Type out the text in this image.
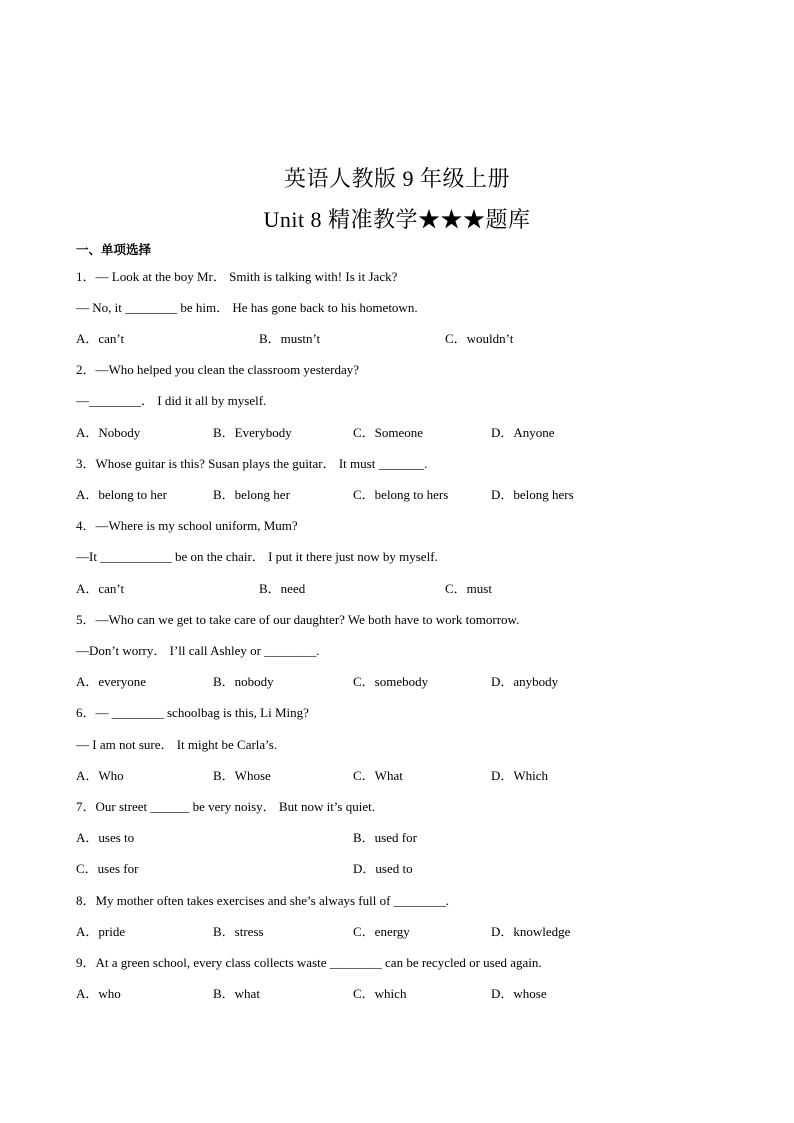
英语人教版 9 年级上册
Unit 8 精准教学★★★题库
一、单项选择
1．— Look at the boy Mr． Smith is talking with! Is it Jack?
— No, it ________ be him． He has gone back to his hometown.
A．can’t	B．mustn’t	C．wouldn’t
2．—Who helped you clean the classroom yesterday?
—________． I did it all by myself.
A．Nobody	B．Everybody	C．Someone	D．Anyone
3．Whose guitar is this? Susan plays the guitar． It must _______.
A．belong to her	B．belong her	C．belong to hers	D．belong hers
4．—Where is my school uniform, Mum?
—It ___________ be on the chair． I put it there just now by myself.
A．can’t	B．need	C．must
5．—Who can we get to take care of our daughter? We both have to work tomorrow.
—Don’t worry． I’ll call Ashley or ________.
A．everyone	B．nobody	C．somebody	D．anybody
6．— ________ schoolbag is this, Li Ming?
— I am not sure． It might be Carla’s.
A．Who	B．Whose	C．What	D．Which
7．Our street ______ be very noisy． But now it’s quiet.
A．uses to	B．used for
C．uses for	D．used to
8．My mother often takes exercises and she’s always full of ________.
A．pride	B．stress	C．energy	D．knowledge
9．At a green school, every class collects waste ________ can be recycled or used again.
A．who	B．what	C．which	D．whose
